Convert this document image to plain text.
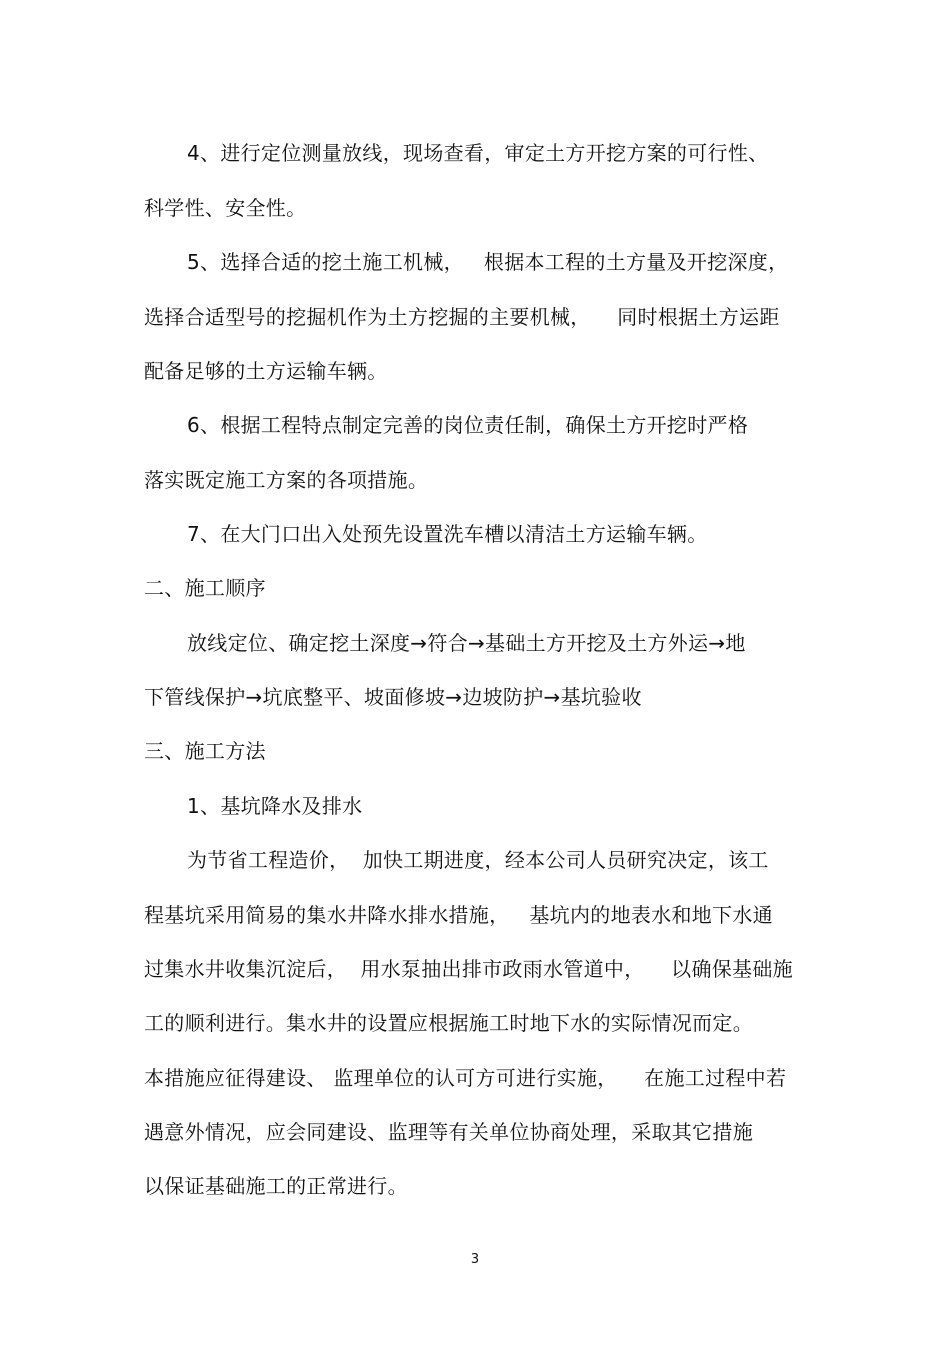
4、进行定位测量放线，现场查看，审定土方开挖方案的可行性、
科学性、安全性。
5、选择合适的挖土施工机械，   根据本工程的土方量及开挖深度，
选择合适型号的挖掘机作为土方挖掘的主要机械，    同时根据土方运距
配备足够的土方运输车辆。
6、根据工程特点制定完善的岗位责任制，确保土方开挖时严格
落实既定施工方案的各项措施。
7、在大门口出入处预先设置洗车槽以清洁土方运输车辆。
二、施工顺序
放线定位、确定挖土深度→符合→基础土方开挖及土方外运→地
下管线保护→坑底整平、坡面修坡→边坡防护→基坑验收
三、施工方法
1、基坑降水及排水
为节省工程造价，  加快工期进度，经本公司人员研究决定，该工
程基坑采用简易的集水井降水排水措施，   基坑内的地表水和地下水通
过集水井收集沉淀后，  用水泵抽出排市政雨水管道中，    以确保基础施
工的顺利进行。集水井的设置应根据施工时地下水的实际情况而定。
本措施应征得建设、 监理单位的认可方可进行实施，    在施工过程中若
遇意外情况，应会同建设、监理等有关单位协商处理，采取其它措施
以保证基础施工的正常进行。
3
